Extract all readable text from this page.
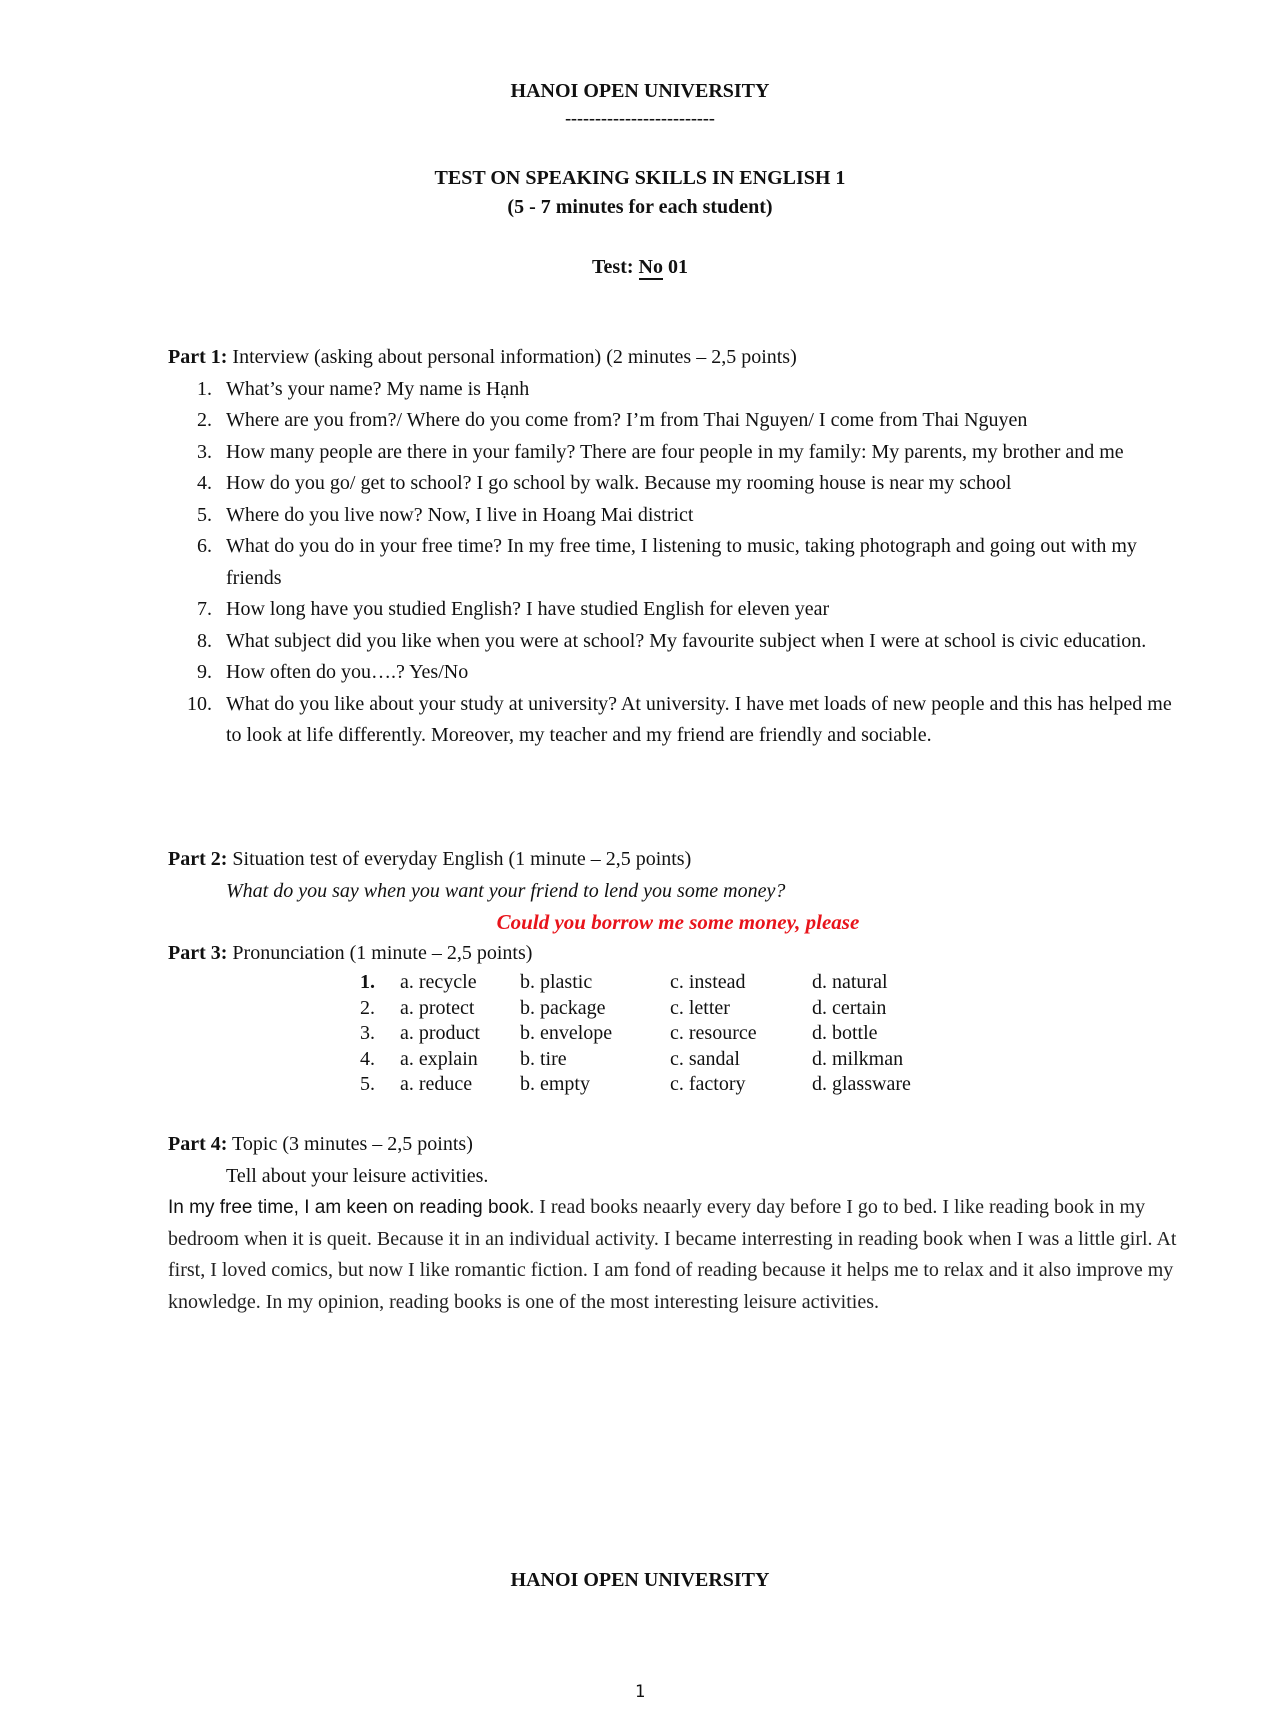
HANOI OPEN UNIVERSITY
-------------------------
TEST ON SPEAKING SKILLS IN ENGLISH 1
(5 - 7 minutes for each student)
Test: No 01
Part 1: Interview (asking about personal information) (2 minutes – 2,5 points)
1. What’s your name? My name is Hạnh
2. Where are you from?/ Where do you come from? I’m from Thai Nguyen/ I come from Thai Nguyen
3. How many people are there in your family? There are four people in my family: My parents, my brother and me
4. How do you go/ get to school? I go school by walk. Because my rooming house is near my school
5. Where do you live now? Now, I live in Hoang Mai district
6. What do you do in your free time? In my free time, I listening to music, taking photograph and going out with my friends
7. How long have you studied English? I have studied English for eleven year
8. What subject did you like when you were at school? My favourite subject when I were at school is civic education.
9. How often do you….? Yes/No
10. What do you like about your study at university? At university. I have met loads of new people and this has helped me to look at life differently. Moreover, my teacher and my friend are friendly and sociable.
Part 2: Situation test of everyday English (1 minute – 2,5 points)
What do you say when you want your friend to lend you some money?
Could you borrow me some money, please
Part 3: Pronunciation (1 minute – 2,5 points)
1.	a. recycle	b. plastic	c. instead	d. natural
2.	a. protect	b. package	c. letter	d. certain
3.	a. product	b. envelope	c. resource	d. bottle
4.	a. explain	b. tire	c. sandal	d. milkman
5.	a. reduce	b. empty	c. factory	d. glassware
Part 4: Topic (3 minutes – 2,5 points)
Tell about your leisure activities.
In my free time, I am keen on reading book. I read books neaarly every day before I go to bed. I like reading book in my bedroom when it is queit. Because it in an individual activity. I became interresting in reading book when I was a little girl. At first, I loved comics, but now I like romantic fiction. I am fond of reading because it helps me to relax and it also improve my knowledge. In my opinion, reading books is one of the most interesting leisure activities.
HANOI OPEN UNIVERSITY
1
